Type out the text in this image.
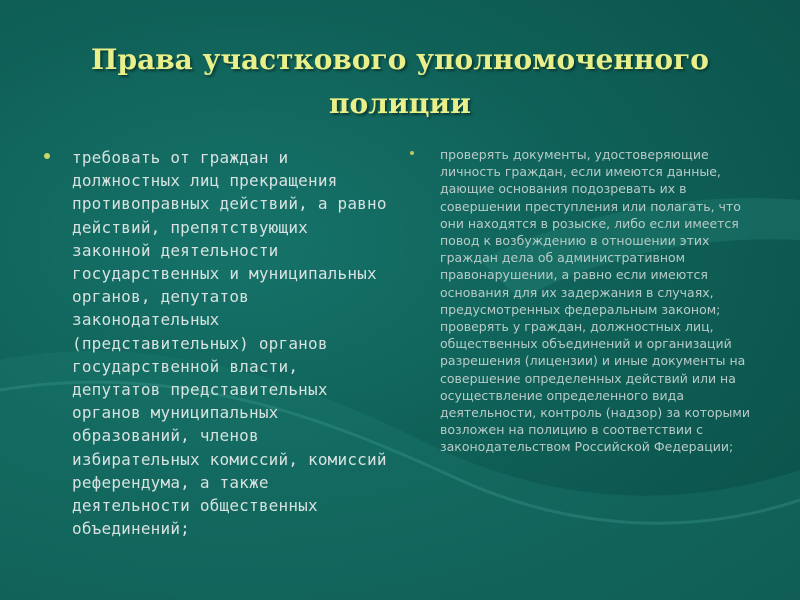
Права участкового уполномоченного полиции
требовать от граждан и должностных лиц прекращения противоправных действий, а равно действий, препятствующих законной деятельности государственных и муниципальных органов, депутатов законодательных (представительных) органов государственной власти, депутатов представительных органов муниципальных образований, членов избирательных комиссий, комиссий референдума, а также деятельности общественных объединений;
проверять документы, удостоверяющие личность граждан, если имеются данные, дающие основания подозревать их в совершении преступления или полагать, что они находятся в розыске, либо если имеется повод к возбуждению в отношении этих граждан дела об административном правонарушении, а равно если имеются основания для их задержания в случаях, предусмотренных федеральным законом; проверять у граждан, должностных лиц, общественных объединений и организаций разрешения (лицензии) и иные документы на совершение определенных действий или на осуществление определенного вида деятельности, контроль (надзор) за которыми возложен на полицию в соответствии с законодательством Российской Федерации;
